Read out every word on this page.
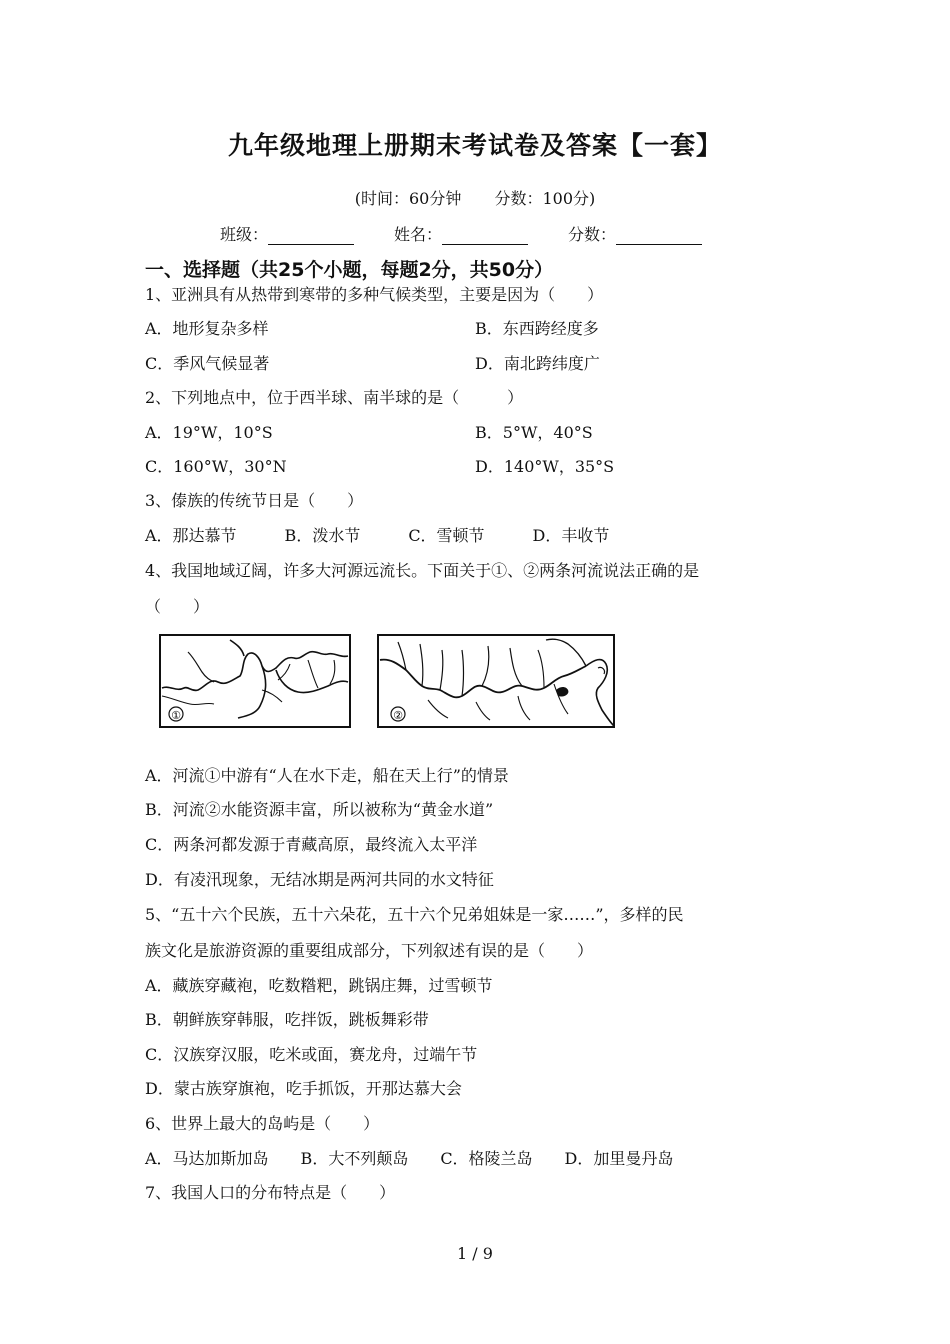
九年级地理上册期末考试卷及答案【一套】
(时间：60分钟 分数：100分)
班级：	姓名：	分数：
一、选择题（共25个小题，每题2分，共50分）
1、亚洲具有从热带到寒带的多种气候类型，主要是因为（　　）
A．地形复杂多样	B．东西跨经度多
C．季风气候显著	D．南北跨纬度广
2、下列地点中，位于西半球、南半球的是（　　　）
A．19°W，10°S	B．5°W，40°S
C．160°W，30°N	D．140°W，35°S
3、傣族的传统节日是（　　）
A．那达慕节　　　B．泼水节　　　C．雪顿节　　　D．丰收节
4、我国地域辽阔，许多大河源远流长。下面关于①、②两条河流说法正确的是
（　　）
①	②
A．河流①中游有“人在水下走，船在天上行”的情景
B．河流②水能资源丰富，所以被称为“黄金水道”
C．两条河都发源于青藏高原，最终流入太平洋
D．有凌汛现象，无结冰期是两河共同的水文特征
5、“五十六个民族，五十六朵花，五十六个兄弟姐妹是一家……”，多样的民
族文化是旅游资源的重要组成部分，下列叙述有误的是（　　）
A．藏族穿藏袍，吃数糌粑，跳锅庄舞，过雪顿节
B．朝鲜族穿韩服，吃拌饭，跳板舞彩带
C．汉族穿汉服，吃米或面，赛龙舟，过端午节
D．蒙古族穿旗袍，吃手抓饭，开那达慕大会
6、世界上最大的岛屿是（　　）
A．马达加斯加岛　　B．大不列颠岛　　C．格陵兰岛　　D．加里曼丹岛
7、我国人口的分布特点是（　　）
1 / 9
